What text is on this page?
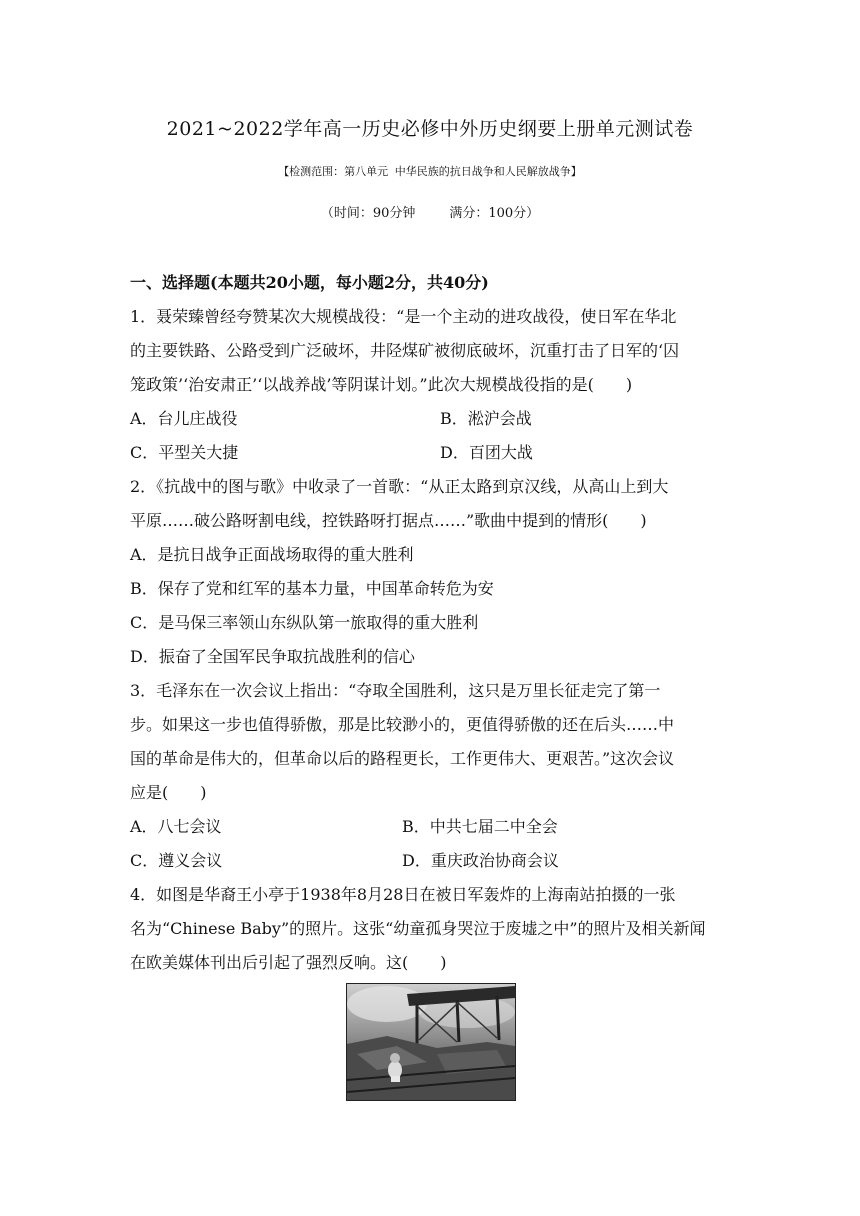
2021~2022学年高一历史必修中外历史纲要上册单元测试卷
【检测范围：第八单元 中华民族的抗日战争和人民解放战争】
（时间：90分钟	满分：100分）
一、选择题(本题共20小题，每小题2分，共40分)
1．聂荣臻曾经夸赞某次大规模战役：“是一个主动的进攻战役，使日军在华北
的主要铁路、公路受到广泛破坏，井陉煤矿被彻底破坏，沉重打击了日军的‘囚
笼政策’‘治安肃正’‘以战养战’等阴谋计划。”此次大规模战役指的是(　　)
A．台儿庄战役	B．淞沪会战
C．平型关大捷	D．百团大战
2．《抗战中的图与歌》中收录了一首歌：“从正太路到京汉线，从高山上到大
平原……破公路呀割电线，控铁路呀打据点……”歌曲中提到的情形(　　)
A．是抗日战争正面战场取得的重大胜利
B．保存了党和红军的基本力量，中国革命转危为安
C．是马保三率领山东纵队第一旅取得的重大胜利
D．振奋了全国军民争取抗战胜利的信心
3．毛泽东在一次会议上指出：“夺取全国胜利，这只是万里长征走完了第一
步。如果这一步也值得骄傲，那是比较渺小的，更值得骄傲的还在后头……中
国的革命是伟大的，但革命以后的路程更长，工作更伟大、更艰苦。”这次会议
应是(　　)
A．八七会议	B．中共七届二中全会
C．遵义会议	D．重庆政治协商会议
4．如图是华裔王小亭于1938年8月28日在被日军轰炸的上海南站拍摄的一张
名为“Chinese Baby”的照片。这张“幼童孤身哭泣于废墟之中”的照片及相关新闻
在欧美媒体刊出后引起了强烈反响。这(　　)
